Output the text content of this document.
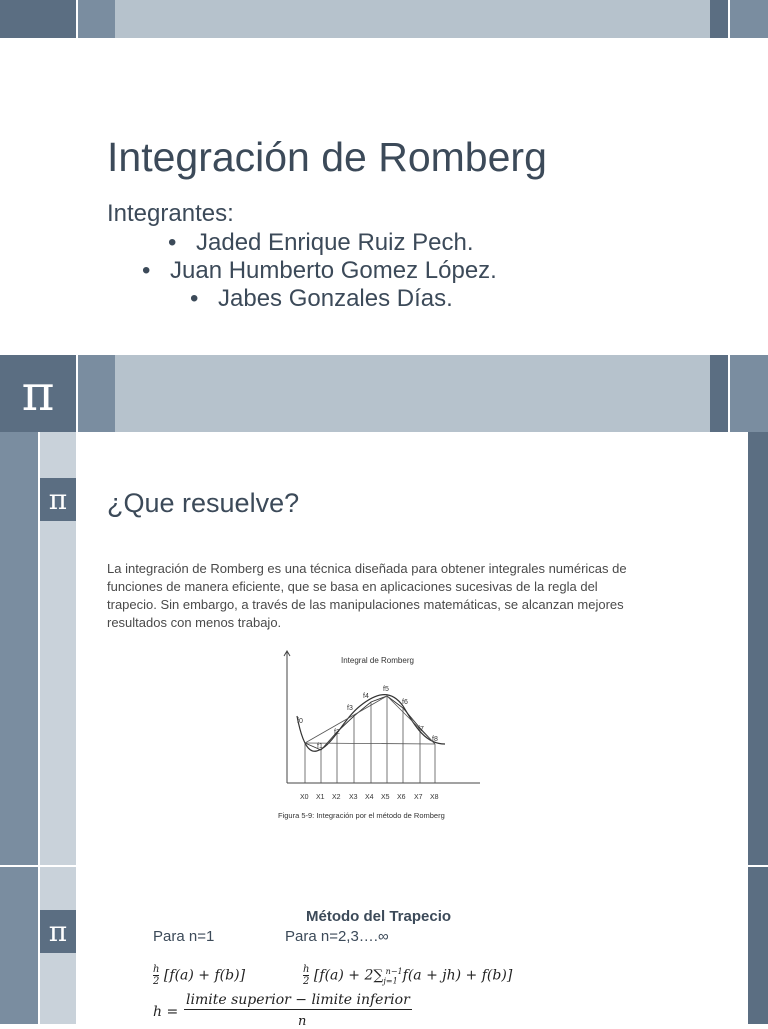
Integración de Romberg
Integrantes:
• Jaded Enrique Ruiz Pech.
• Juan Humberto Gomez López.
• Jabes Gonzales Días.
π
π	¿Que resuelve?
La integración de Romberg es una técnica diseñada para obtener integrales numéricas de funciones de manera eficiente, que se basa en aplicaciones sucesivas de la regla del trapecio. Sin embargo, a través de las manipulaciones matemáticas, se alcanzan mejores resultados con menos trabajo.
Integral de Romberg
f0
f1
f2
f3
f4
f5
f6
f7
f8
X0 X1 X2 X3 X4 X5 X6 X7 X8
Figura 5-9: Integración por el método de Romberg
π	Método del Trapecio
Para n=1	Para n=2,3….∞
h
2 [f(a) + f(b)]	h
2 $[f(a) + 2\sum_{j=1}^{n-1}f(a + jh) + f(b)]$
h =
limite superior − limite inferior
n
